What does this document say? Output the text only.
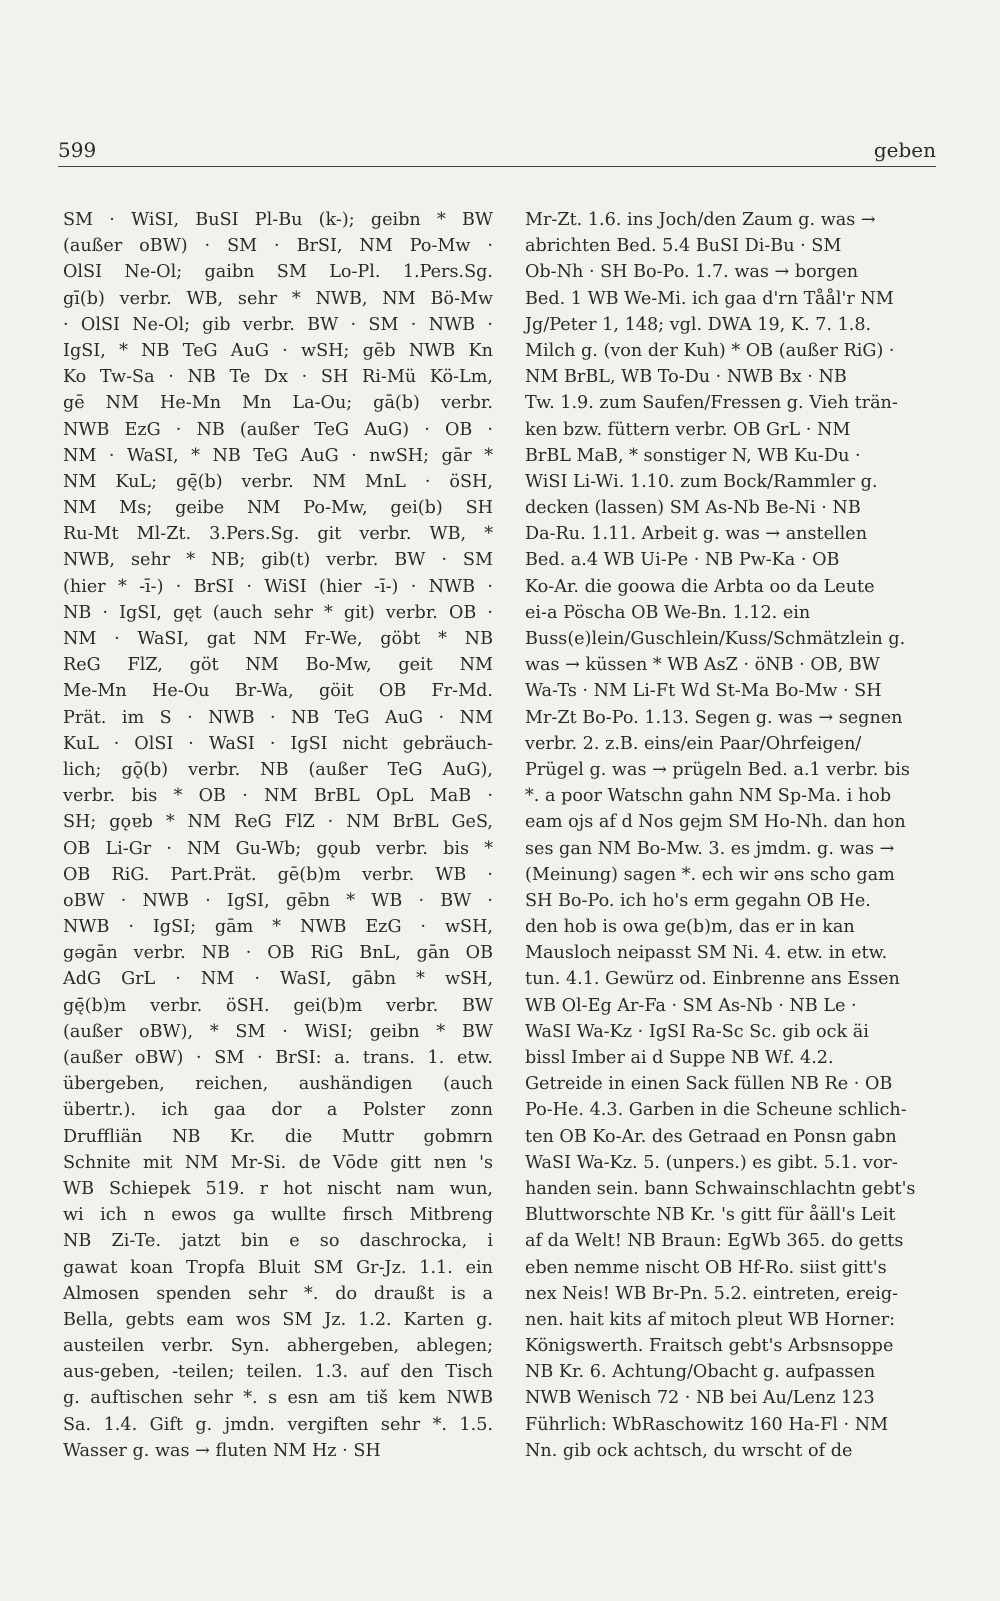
599	geben
SM · WiSI, BuSI Pl-Bu (k-); geibn * BW
(außer oBW) · SM · BrSI, NM Po-Mw ·
OlSI Ne-Ol; gaibn SM Lo-Pl. 1.Pers.Sg.
gī(b) verbr. WB, sehr * NWB, NM Bö-Mw
· OlSI Ne-Ol; gib verbr. BW · SM · NWB ·
IgSI, * NB TeG AuG · wSH; gēb NWB Kn
Ko Tw-Sa · NB Te Dx · SH Ri-Mü Kö-Lm,
gē NM He-Mn Mn La-Ou; gā(b) verbr.
NWB EzG · NB (außer TeG AuG) · OB ·
NM · WaSI, * NB TeG AuG · nwSH; gār *
NM KuL; gę̄(b) verbr. NM MnL · öSH,
NM Ms; geibe NM Po-Mw, gei(b) SH
Ru-Mt Ml-Zt. 3.Pers.Sg. git verbr. WB, *
NWB, sehr * NB; gib(t) verbr. BW · SM
(hier * -ī-) · BrSI · WiSI (hier -ī-) · NWB ·
NB · IgSI, gęt (auch sehr * git) verbr. OB ·
NM · WaSI, gat NM Fr-We, göbt * NB
ReG FlZ, göt NM Bo-Mw, geit NM
Me-Mn He-Ou Br-Wa, göit OB Fr-Md.
Prät. im S · NWB · NB TeG AuG · NM
KuL · OlSI · WaSI · IgSI nicht gebräuch-
lich; gǭ(b) verbr. NB (außer TeG AuG),
verbr. bis * OB · NM BrBL OpL MaB ·
SH; gǫɐb * NM ReG FlZ · NM BrBL GeS,
OB Li-Gr · NM Gu-Wb; gǫub verbr. bis *
OB RiG. Part.Prät. gē(b)m verbr. WB ·
oBW · NWB · IgSI, gēbn * WB · BW ·
NWB · IgSI; gām * NWB EzG · wSH,
gəgān verbr. NB · OB RiG BnL, gān OB
AdG GrL · NM · WaSI, gābn * wSH,
gę̄(b)m verbr. öSH. gei(b)m verbr. BW
(außer oBW), * SM · WiSI; geibn * BW
(außer oBW) · SM · BrSI: a. trans. 1. etw.
übergeben, reichen, aushändigen (auch
übertr.). ich gaa dor a Polster zonn
Druffliän NB Kr. die Muttr gobmrn
Schnite mit NM Mr-Si. dɐ Vōdɐ gitt nɐn 's
WB Schiepek 519. r hot nischt nam wun,
wi ich n ewos ga wullte firsch Mitbreng
NB Zi-Te. jatzt bin e so daschrocka, i
gawat koan Tropfa Bluit SM Gr-Jz. 1.1. ein
Almosen spenden sehr *. do draußt is a
Bella, gebts eam wos SM Jz. 1.2. Karten g.
austeilen verbr. Syn. abhergeben, ablegen;
aus-geben, -teilen; teilen. 1.3. auf den Tisch
g. auftischen sehr *. s esn am tiš kem NWB
Sa. 1.4. Gift g. jmdn. vergiften sehr *. 1.5.
Wasser g. was → fluten NM Hz · SH
Mr-Zt. 1.6. ins Joch/den Zaum g. was →
abrichten Bed. 5.4 BuSI Di-Bu · SM
Ob-Nh · SH Bo-Po. 1.7. was → borgen
Bed. 1 WB We-Mi. ich gaa d'rn Tåål'r NM
Jg/Peter 1, 148; vgl. DWA 19, K. 7. 1.8.
Milch g. (von der Kuh) * OB (außer RiG) ·
NM BrBL, WB To-Du · NWB Bx · NB
Tw. 1.9. zum Saufen/Fressen g. Vieh trän-
ken bzw. füttern verbr. OB GrL · NM
BrBL MaB, * sonstiger N, WB Ku-Du ·
WiSI Li-Wi. 1.10. zum Bock/Rammler g.
decken (lassen) SM As-Nb Be-Ni · NB
Da-Ru. 1.11. Arbeit g. was → anstellen
Bed. a.4 WB Ui-Pe · NB Pw-Ka · OB
Ko-Ar. die goowa die Arbta oo da Leute
ei-a Pöscha OB We-Bn. 1.12. ein
Buss(e)lein/Guschlein/Kuss/Schmätzlein g.
was → küssen * WB AsZ · öNB · OB, BW
Wa-Ts · NM Li-Ft Wd St-Ma Bo-Mw · SH
Mr-Zt Bo-Po. 1.13. Segen g. was → segnen
verbr. 2. z.B. eins/ein Paar/Ohrfeigen/
Prügel g. was → prügeln Bed. a.1 verbr. bis
*. a poor Watschn gahn NM Sp-Ma. i hob
eam ojs af d Nos gejm SM Ho-Nh. dan hon
ses gan NM Bo-Mw. 3. es jmdm. g. was →
(Meinung) sagen *. ech wir əns scho gam
SH Bo-Po. ich ho's erm gegahn OB He.
den hob is owa ge(b)m, das er in kan
Mausloch neipasst SM Ni. 4. etw. in etw.
tun. 4.1. Gewürz od. Einbrenne ans Essen
WB Ol-Eg Ar-Fa · SM As-Nb · NB Le ·
WaSI Wa-Kz · IgSI Ra-Sc Sc. gib ock äi
bissl Imber ai d Suppe NB Wf. 4.2.
Getreide in einen Sack füllen NB Re · OB
Po-He. 4.3. Garben in die Scheune schlich-
ten OB Ko-Ar. des Getraad en Ponsn gabn
WaSI Wa-Kz. 5. (unpers.) es gibt. 5.1. vor-
handen sein. bann Schwainschlachtn gebt's
Bluttworschte NB Kr. 's gitt für åäll's Leit
af da Welt! NB Braun: EgWb 365. do getts
eben nemme nischt OB Hf-Ro. siist gitt's
nex Neis! WB Br-Pn. 5.2. eintreten, ereig-
nen. hait kits af mitoch plɐut WB Horner:
Königswerth. Fraitsch gebt's Arbsnsoppe
NB Kr. 6. Achtung/Obacht g. aufpassen
NWB Wenisch 72 · NB bei Au/Lenz 123
Führlich: WbRaschowitz 160 Ha-Fl · NM
Nn. gib ock achtsch, du wrscht of de
